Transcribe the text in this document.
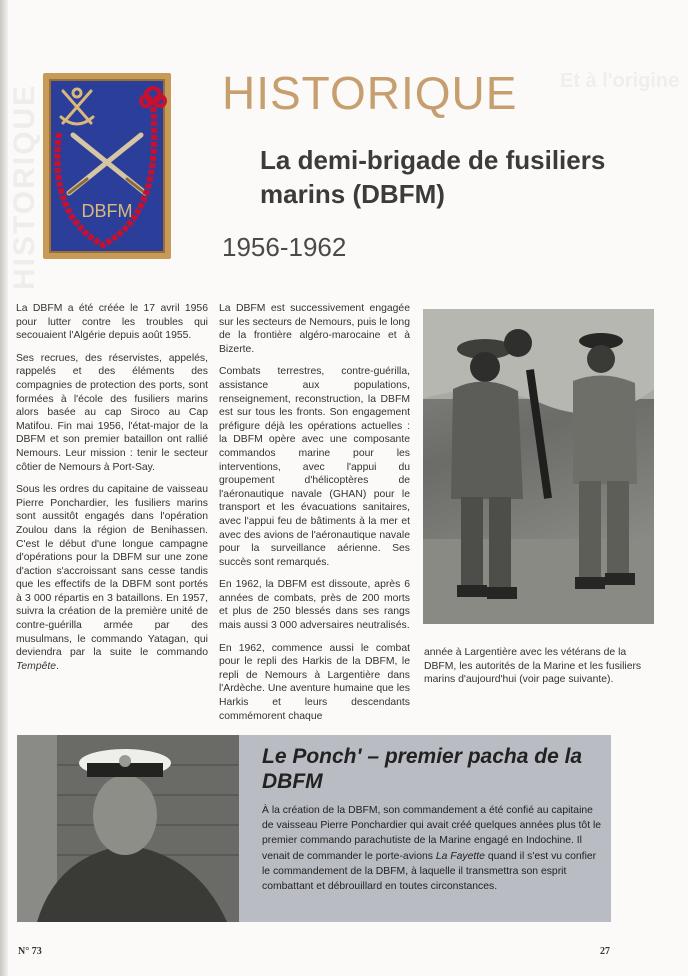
HISTORIQUE
Et à l'origine
DBFM
HISTORIQUE
La demi-brigade de fusiliers marins (DBFM)
1956-1962

La DBFM a été créée le 17 avril 1956 pour lutter contre les troubles qui secouaient l'Algérie depuis août 1955.

Ses recrues, des réservistes, appelés, rappelés et des éléments des compagnies de protection des ports, sont formées à l'école des fusiliers marins alors basée au cap Siroco au Cap Matifou. Fin mai 1956, l'état-major de la DBFM et son premier bataillon ont rallié Nemours. Leur mission : tenir le secteur côtier de Nemours à Port-Say.

Sous les ordres du capitaine de vaisseau Pierre Ponchardier, les fusiliers marins sont aussitôt engagés dans l'opération Zoulou dans la région de Benihassen. C'est le début d'une longue campagne d'opérations pour la DBFM sur une zone d'action s'accroissant sans cesse tandis que les effectifs de la DBFM sont portés à 3 000 répartis en 3 bataillons. En 1957, suivra la création de la première unité de contre-guérilla armée par des musulmans, le commando Yatagan, qui deviendra par la suite le commando Tempête.

La DBFM est successivement engagée sur les secteurs de Nemours, puis le long de la frontière algéro-marocaine et à Bizerte.

Combats terrestres, contre-guérilla, assistance aux populations, renseignement, reconstruction, la DBFM est sur tous les fronts. Son engagement préfigure déjà les opérations actuelles : la DBFM opère avec une composante commandos marine pour les interventions, avec l'appui du groupement d'hélicoptères de l'aéronautique navale (GHAN) pour le transport et les évacuations sanitaires, avec l'appui feu de bâtiments à la mer et avec des avions de l'aéronautique navale pour la surveillance aérienne. Ses succès sont remarqués.

En 1962, la DBFM est dissoute, après 6 années de combats, près de 200 morts et plus de 250 blessés dans ses rangs mais aussi 3 000 adversaires neutralisés.

En 1962, commence aussi le combat pour le repli des Harkis de la DBFM, le repli de Nemours à Largentière dans l'Ardèche. Une aventure humaine que les Harkis et leurs descendants commémorent chaque

année à Largentière avec les vétérans de la DBFM, les autorités de la Marine et les fusiliers marins d'aujourd'hui (voir page suivante).

Le Ponch' – premier pacha de la DBFM

À la création de la DBFM, son commandement a été confié au capitaine de vaisseau Pierre Ponchardier qui avait créé quelques années plus tôt le premier commando parachutiste de la Marine engagé en Indochine. Il venait de commander le porte-avions La Fayette quand il s'est vu confier le commandement de la DBFM, à laquelle il transmettra son esprit combattant et débrouillard en toutes circonstances.

N° 73	27
